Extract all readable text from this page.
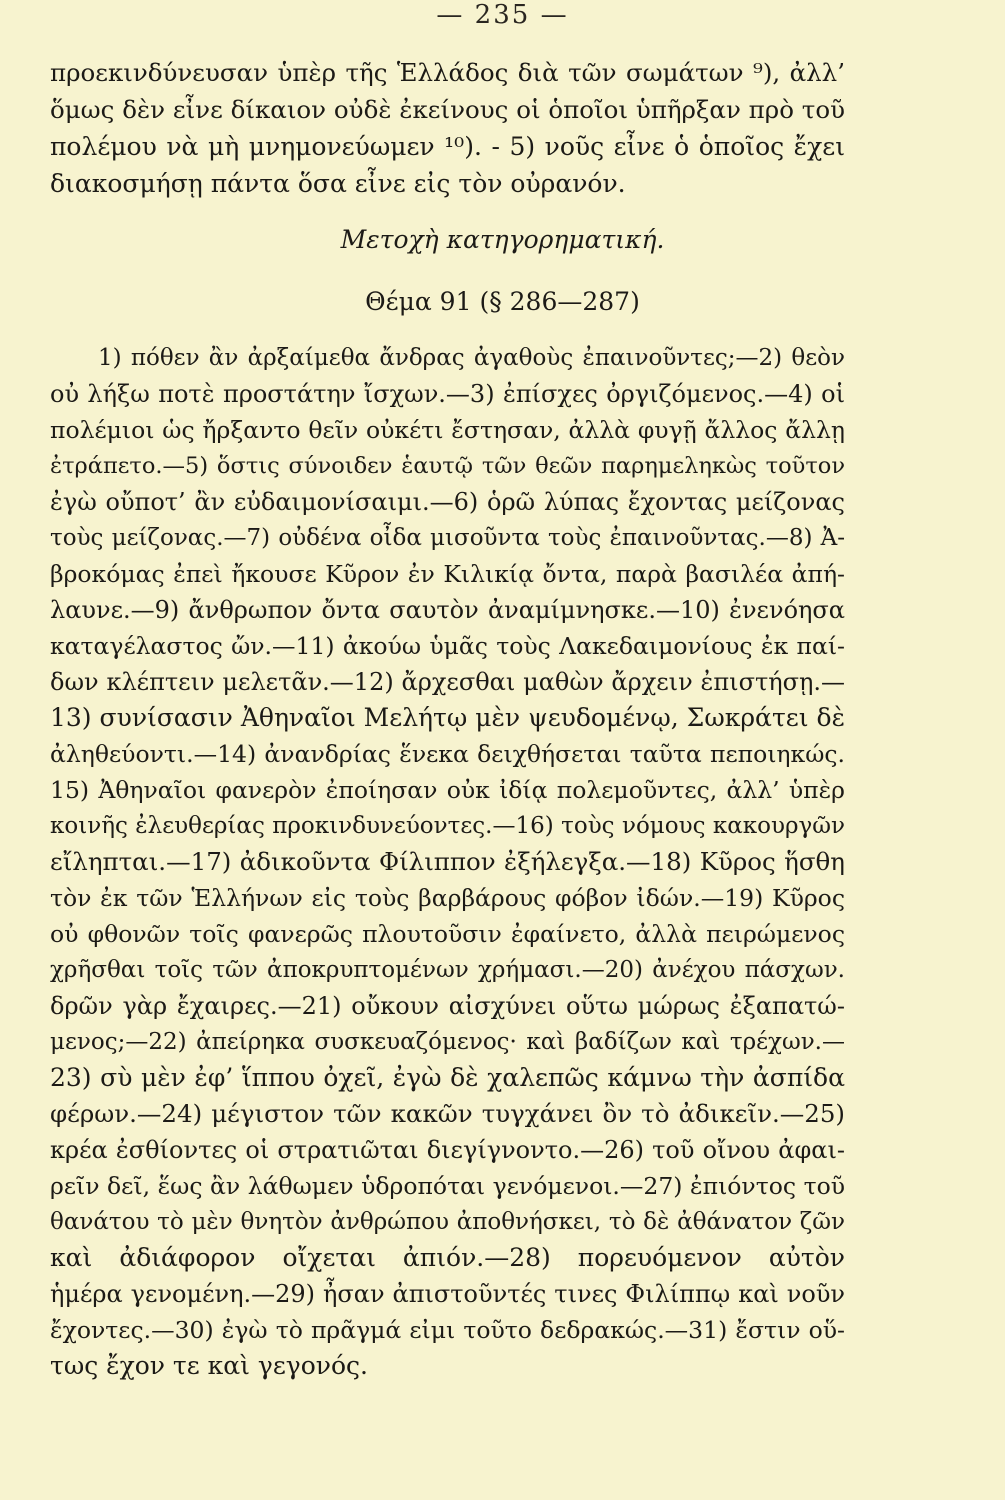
— 235 —
προεκινδύνευσαν ὑπὲρ τῆς Ἑλλάδος διὰ τῶν σωμάτων ⁹), ἀλλ’
ὅμως δὲν εἶνε δίκαιον οὐδὲ ἐκείνους οἱ ὁποῖοι ὑπῆρξαν πρὸ τοῦ
πολέμου νὰ μὴ μνημονεύωμεν ¹⁰). - 5) νοῦς εἶνε ὁ ὁποῖος ἔχει
διακοσμήσῃ πάντα ὅσα εἶνε εἰς τὸν οὐρανόν.
Μετοχὴ κατηγορηματική.
Θέμα 91 (§ 286—287)
1) πόθεν ἂν ἀρξαίμεθα ἄνδρας ἀγαθοὺς ἐπαινοῦντες;—2) θεὸν
οὐ λήξω ποτὲ προστάτην ἴσχων.—3) ἐπίσχες ὀργιζόμενος.—4) οἱ
πολέμιοι ὡς ἤρξαντο θεῖν οὐκέτι ἔστησαν, ἀλλὰ φυγῇ ἄλλος ἄλλῃ
ἐτράπετο.—5) ὅστις σύνοιδεν ἑαυτῷ τῶν θεῶν παρημεληκὼς τοῦτον
ἐγὼ οὔποτ’ ἂν εὐδαιμονίσαιμι.—6) ὁρῶ λύπας ἔχοντας μείζονας
τοὺς μείζονας.—7) οὐδένα οἶδα μισοῦντα τοὺς ἐπαινοῦντας.—8) Ἀ-
βροκόμας ἐπεὶ ἤκουσε Κῦρον ἐν Κιλικίᾳ ὄντα, παρὰ βασιλέα ἀπή-
λαυνε.—9) ἄνθρωπον ὄντα σαυτὸν ἀναμίμνησκε.—10) ἐνενόησα
καταγέλαστος ὤν.—11) ἀκούω ὑμᾶς τοὺς Λακεδαιμονίους ἐκ παί-
δων κλέπτειν μελετᾶν.—12) ἄρχεσθαι μαθὼν ἄρχειν ἐπιστήσῃ.—
13) συνίσασιν Ἀθηναῖοι Μελήτῳ μὲν ψευδομένῳ, Σωκράτει δὲ
ἀληθεύοντι.—14) ἀνανδρίας ἕνεκα δειχθήσεται ταῦτα πεποιηκώς.
15) Ἀθηναῖοι φανερὸν ἐποίησαν οὐκ ἰδίᾳ πολεμοῦντες, ἀλλ’ ὑπὲρ
κοινῆς ἐλευθερίας προκινδυνεύοντες.—16) τοὺς νόμους κακουργῶν
εἴληπται.—17) ἀδικοῦντα Φίλιππον ἐξήλεγξα.—18) Κῦρος ἥσθη
τὸν ἐκ τῶν Ἑλλήνων εἰς τοὺς βαρβάρους φόβον ἰδών.—19) Κῦρος
οὐ φθονῶν τοῖς φανερῶς πλουτοῦσιν ἐφαίνετο, ἀλλὰ πειρώμενος
χρῆσθαι τοῖς τῶν ἀποκρυπτομένων χρήμασι.—20) ἀνέχου πάσχων.
δρῶν γὰρ ἔχαιρες.—21) οὔκουν αἰσχύνει οὕτω μώρως ἐξαπατώ-
μενος;—22) ἀπείρηκα συσκευαζόμενος· καὶ βαδίζων καὶ τρέχων.—
23) σὺ μὲν ἐφ’ ἵππου ὀχεῖ, ἐγὼ δὲ χαλεπῶς κάμνω τὴν ἀσπίδα
φέρων.—24) μέγιστον τῶν κακῶν τυγχάνει ὂν τὸ ἀδικεῖν.—25)
κρέα ἐσθίοντες οἱ στρατιῶται διεγίγνοντο.—26) τοῦ οἴνου ἀφαι-
ρεῖν δεῖ, ἕως ἂν λάθωμεν ὑδροπόται γενόμενοι.—27) ἐπιόντος τοῦ
θανάτου τὸ μὲν θνητὸν ἀνθρώπου ἀποθνήσκει, τὸ δὲ ἀθάνατον ζῶν
καὶ ἀδιάφορον οἴχεται ἀπιόν.—28) πορευόμενον αὐτὸν
ἡμέρα γενομένη.—29) ἦσαν ἀπιστοῦντές τινες Φιλίππῳ καὶ νοῦν
ἔχοντες.—30) ἐγὼ τὸ πρᾶγμά εἰμι τοῦτο δεδρακώς.—31) ἔστιν οὕ-
τως ἔχον τε καὶ γεγονός.
